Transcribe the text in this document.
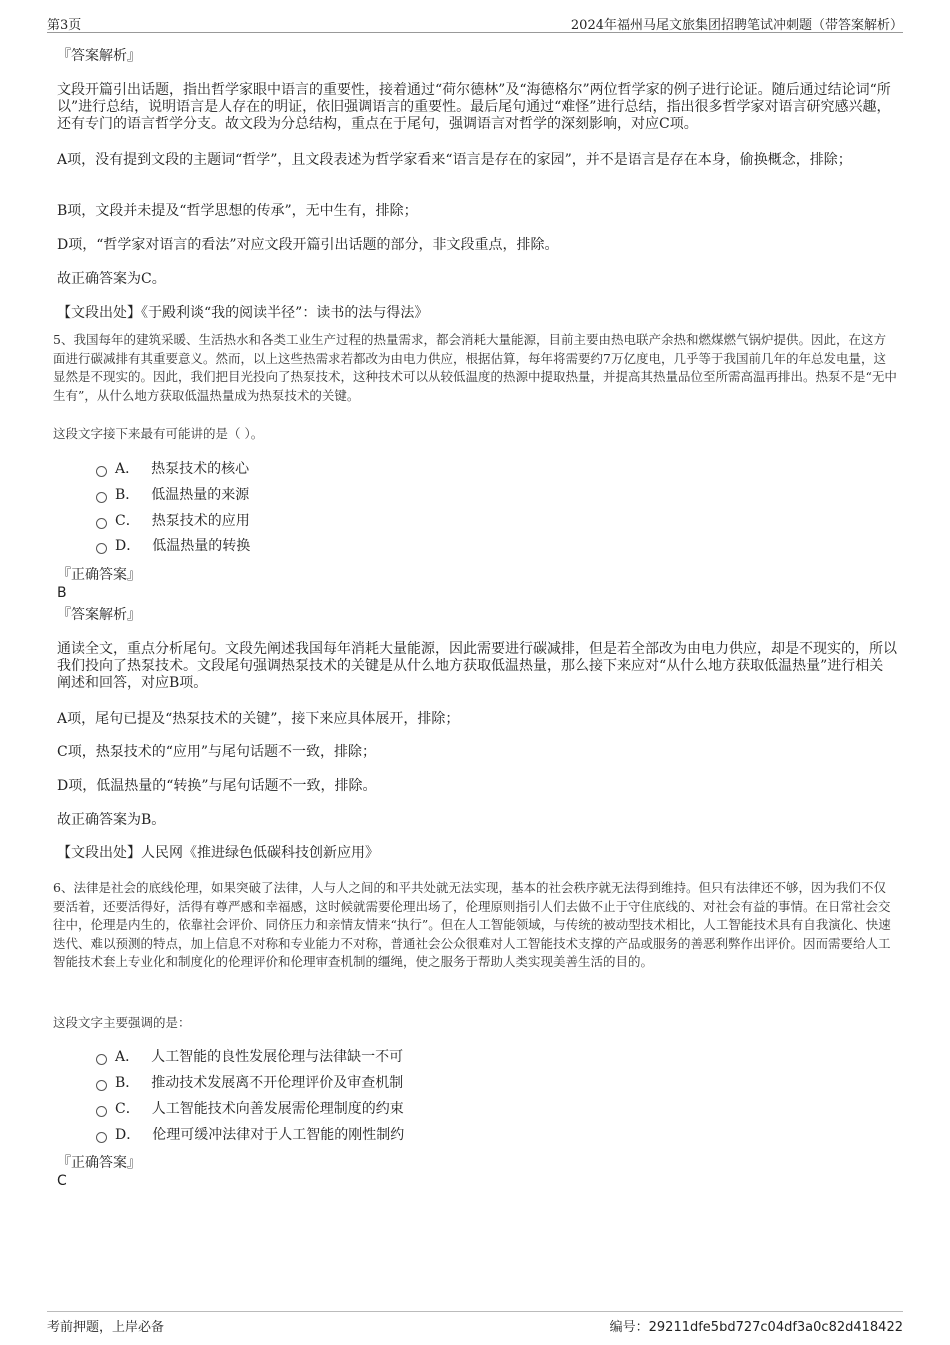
第3页	2024年福州马尾文旅集团招聘笔试冲刺题（带答案解析）
『答案解析』

文段开篇引出话题，指出哲学家眼中语言的重要性，接着通过“荷尔德林”及“海德格尔”两位哲学家的例子进行论证。随后通过结论词“所以”进行总结，说明语言是人存在的明证，依旧强调语言的重要性。最后尾句通过“难怪”进行总结，指出很多哲学家对语言研究感兴趣，还有专门的语言哲学分支。故文段为分总结构，重点在于尾句，强调语言对哲学的深刻影响，对应C项。

A项，没有提到文段的主题词“哲学”，且文段表述为哲学家看来“语言是存在的家园”，并不是语言是存在本身，偷换概念，排除；

B项，文段并未提及“哲学思想的传承”，无中生有，排除；

D项，“哲学家对语言的看法”对应文段开篇引出话题的部分，非文段重点，排除。

故正确答案为C。

【文段出处】《于殿利谈“我的阅读半径”：读书的法与得法》

5、我国每年的建筑采暖、生活热水和各类工业生产过程的热量需求，都会消耗大量能源，目前主要由热电联产余热和燃煤燃气锅炉提供。因此，在这方面进行碳减排有其重要意义。然而，以上这些热需求若都改为由电力供应，根据估算，每年将需要约7万亿度电，几乎等于我国前几年的年总发电量，这显然是不现实的。因此，我们把目光投向了热泵技术，这种技术可以从较低温度的热源中提取热量，并提高其热量品位至所需高温再排出。热泵不是“无中生有”，从什么地方获取低温热量成为热泵技术的关键。

这段文字接下来最有可能讲的是（ ）。

A． 热泵技术的核心
B． 低温热量的来源
C． 热泵技术的应用
D． 低温热量的转换
『正确答案』
B
『答案解析』

通读全文，重点分析尾句。文段先阐述我国每年消耗大量能源，因此需要进行碳减排，但是若全部改为由电力供应，却是不现实的，所以我们投向了热泵技术。文段尾句强调热泵技术的关键是从什么地方获取低温热量，那么接下来应对“从什么地方获取低温热量”进行相关阐述和回答，对应B项。

A项，尾句已提及“热泵技术的关键”，接下来应具体展开，排除；

C项，热泵技术的“应用”与尾句话题不一致，排除；

D项，低温热量的“转换”与尾句话题不一致，排除。

故正确答案为B。

【文段出处】人民网《推进绿色低碳科技创新应用》

6、法律是社会的底线伦理，如果突破了法律，人与人之间的和平共处就无法实现，基本的社会秩序就无法得到维持。但只有法律还不够，因为我们不仅要活着，还要活得好，活得有尊严感和幸福感，这时候就需要伦理出场了，伦理原则指引人们去做不止于守住底线的、对社会有益的事情。在日常社会交往中，伦理是内生的，依靠社会评价、同侪压力和亲情友情来“执行”。但在人工智能领域，与传统的被动型技术相比，人工智能技术具有自我演化、快速迭代、难以预测的特点，加上信息不对称和专业能力不对称，普通社会公众很难对人工智能技术支撑的产品或服务的善恶利弊作出评价。因而需要给人工智能技术套上专业化和制度化的伦理评价和伦理审查机制的缰绳，使之服务于帮助人类实现美善生活的目的。

这段文字主要强调的是：

A． 人工智能的良性发展伦理与法律缺一不可
B． 推动技术发展离不开伦理评价及审查机制
C． 人工智能技术向善发展需伦理制度的约束
D． 伦理可缓冲法律对于人工智能的刚性制约
『正确答案』
C
考前押题，上岸必备	编号：29211dfe5bd727c04df3a0c82d418422
